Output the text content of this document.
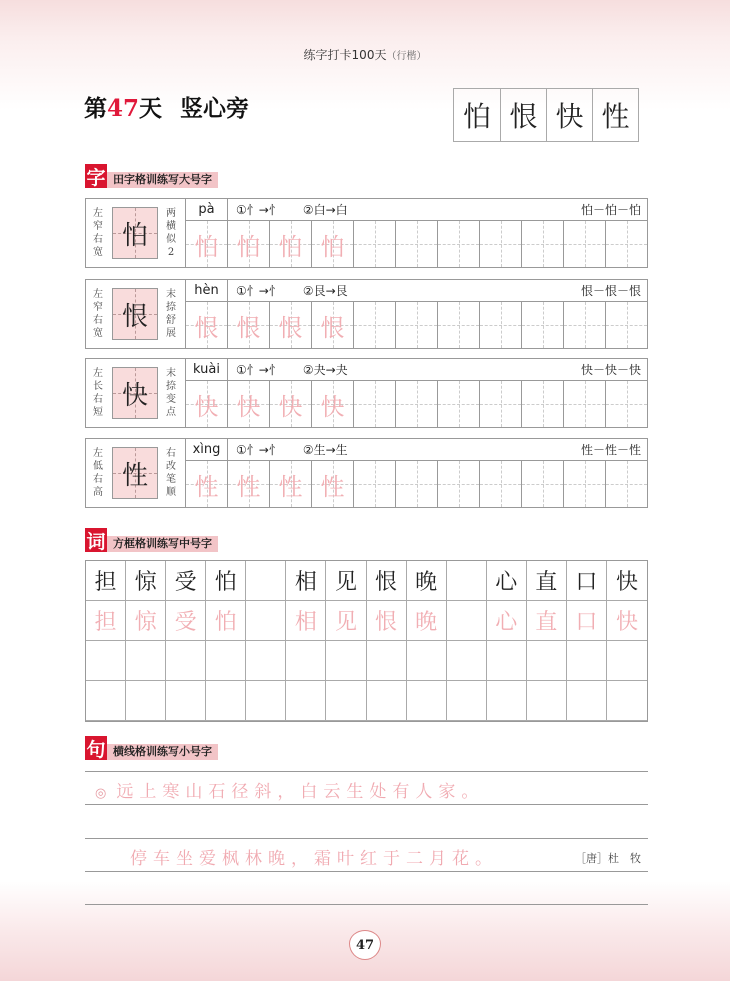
练字打卡100天（行楷）
第47天 竖心旁	怕 恨 快 性
字 田字格训练写大号字
左窄右宽
怕
两横似2
pà	①忄→忄 ②白→白	怕－怕－怕
怕 怕 怕 怕
左窄右宽
恨
末捺舒展
hèn	①忄→忄 ②艮→艮	恨－恨－恨
恨 恨 恨 恨
左长右短
快
末捺变点
kuài	①忄→忄 ②夬→夬	快－快－快
快 快 快 快
左低右高
性
右改笔顺
xìng	①忄→忄 ②生→生	性－性－性
性 性 性 性
词 方框格训练写中号字
担 惊 受 怕	相 见 恨 晚	心 直 口 快
担 惊 受 怕	相 见 恨 晚	心 直 口 快
句 横线格训练写小号字
◎ 远上寒山石径斜，白云生处有人家。
停车坐爱枫林晚，霜叶红于二月花。	［唐］杜　牧
47
